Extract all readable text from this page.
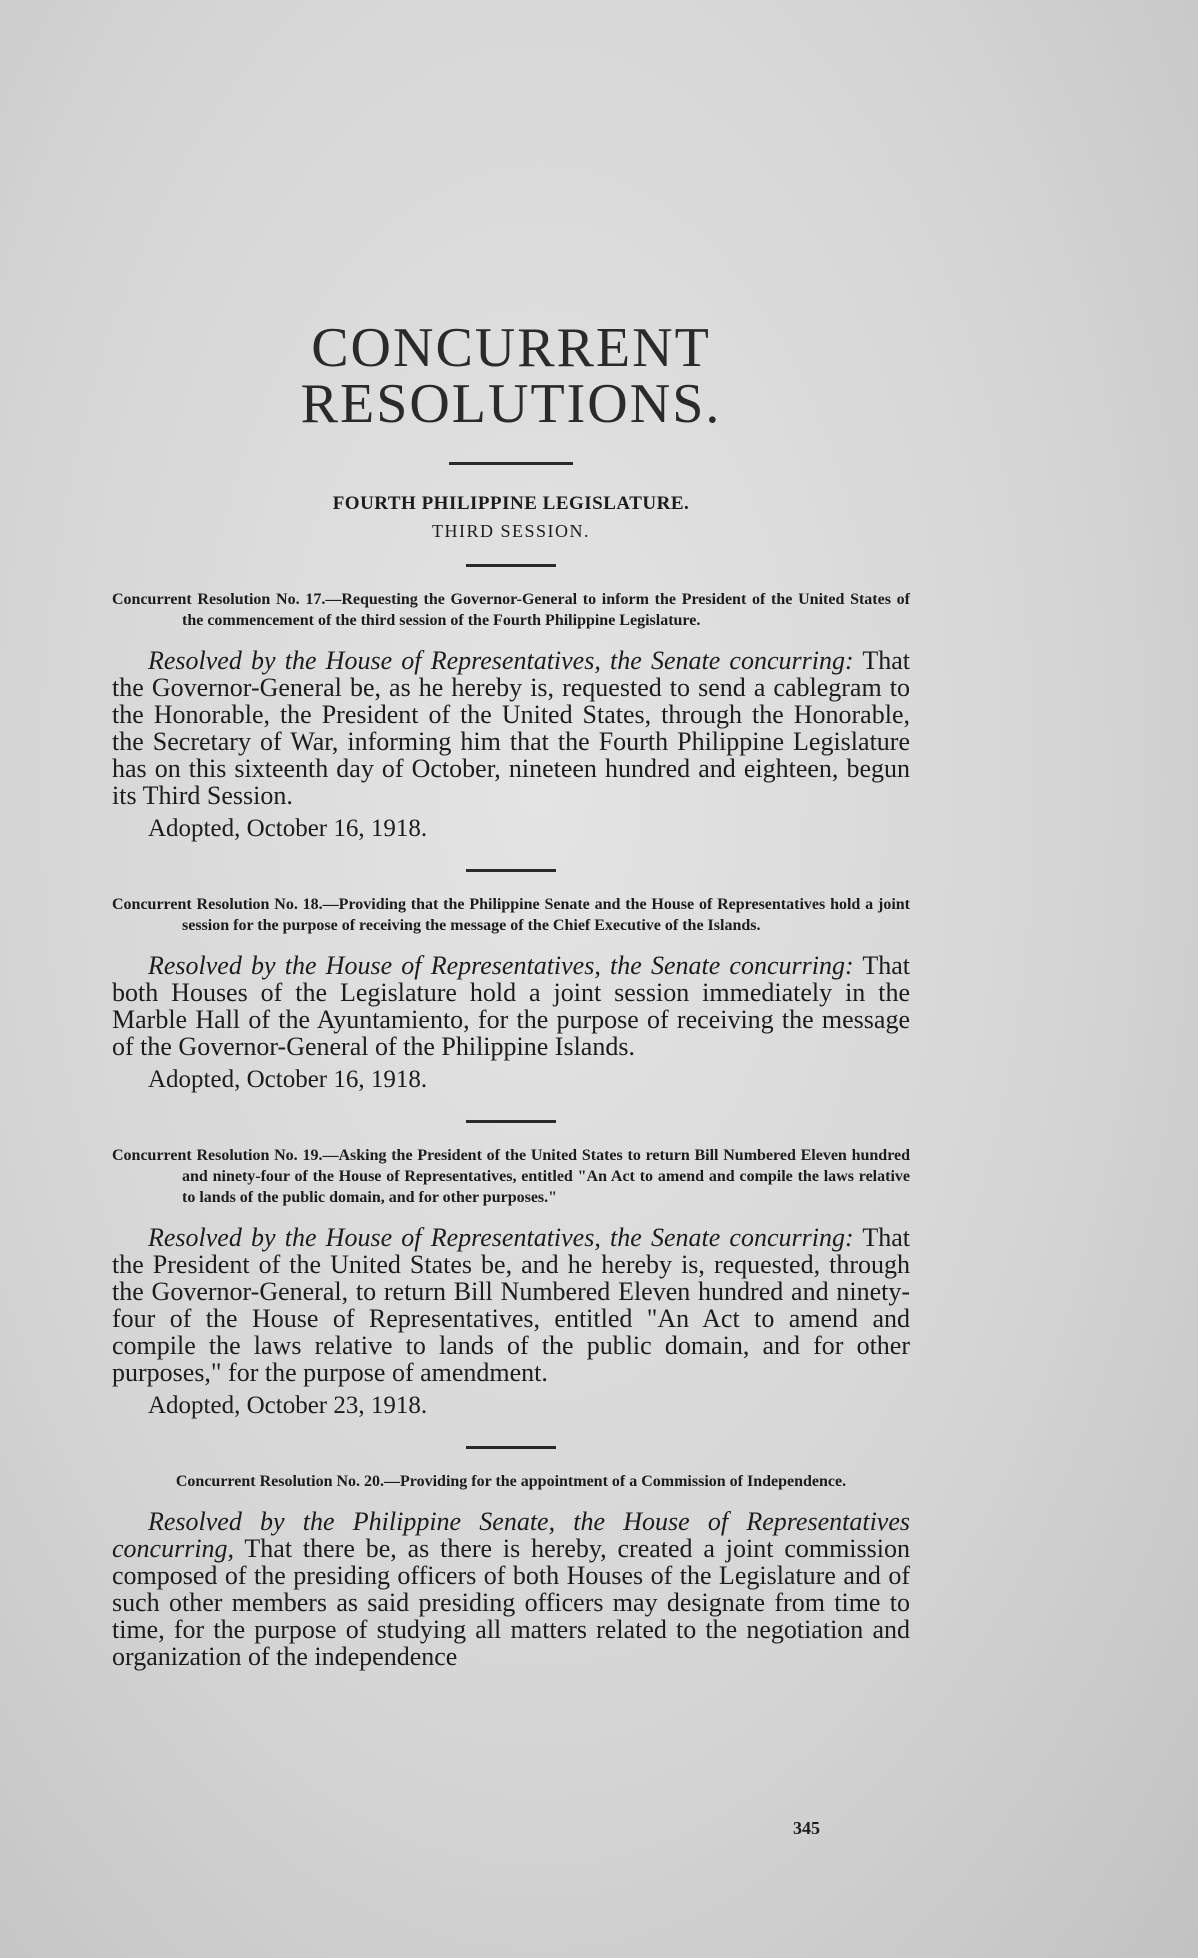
CONCURRENT RESOLUTIONS.
FOURTH PHILIPPINE LEGISLATURE.
THIRD SESSION.

Concurrent Resolution No. 17.—Requesting the Governor-General to inform the President of the United States of the commencement of the third session of the Fourth Philippine Legislature.

Resolved by the House of Representatives, the Senate concurring: That the Governor-General be, as he hereby is, requested to send a cablegram to the Honorable, the President of the United States, through the Honorable, the Secretary of War, informing him that the Fourth Philippine Legislature has on this sixteenth day of October, nineteen hundred and eighteen, begun its Third Session.

Adopted, October 16, 1918.

Concurrent Resolution No. 18.—Providing that the Philippine Senate and the House of Representatives hold a joint session for the purpose of receiving the message of the Chief Executive of the Islands.

Resolved by the House of Representatives, the Senate concurring: That both Houses of the Legislature hold a joint session immediately in the Marble Hall of the Ayuntamiento, for the purpose of receiving the message of the Governor-General of the Philippine Islands.

Adopted, October 16, 1918.

Concurrent Resolution No. 19.—Asking the President of the United States to return Bill Numbered Eleven hundred and ninety-four of the House of Representatives, entitled "An Act to amend and compile the laws relative to lands of the public domain, and for other purposes."

Resolved by the House of Representatives, the Senate concurring: That the President of the United States be, and he hereby is, requested, through the Governor-General, to return Bill Numbered Eleven hundred and ninety-four of the House of Representatives, entitled "An Act to amend and compile the laws relative to lands of the public domain, and for other purposes," for the purpose of amendment.

Adopted, October 23, 1918.

Concurrent Resolution No. 20.—Providing for the appointment of a Commission of Independence.

Resolved by the Philippine Senate, the House of Representatives concurring, That there be, as there is hereby, created a joint commission composed of the presiding officers of both Houses of the Legislature and of such other members as said presiding officers may designate from time to time, for the purpose of studying all matters related to the negotiation and organization of the independence

345
